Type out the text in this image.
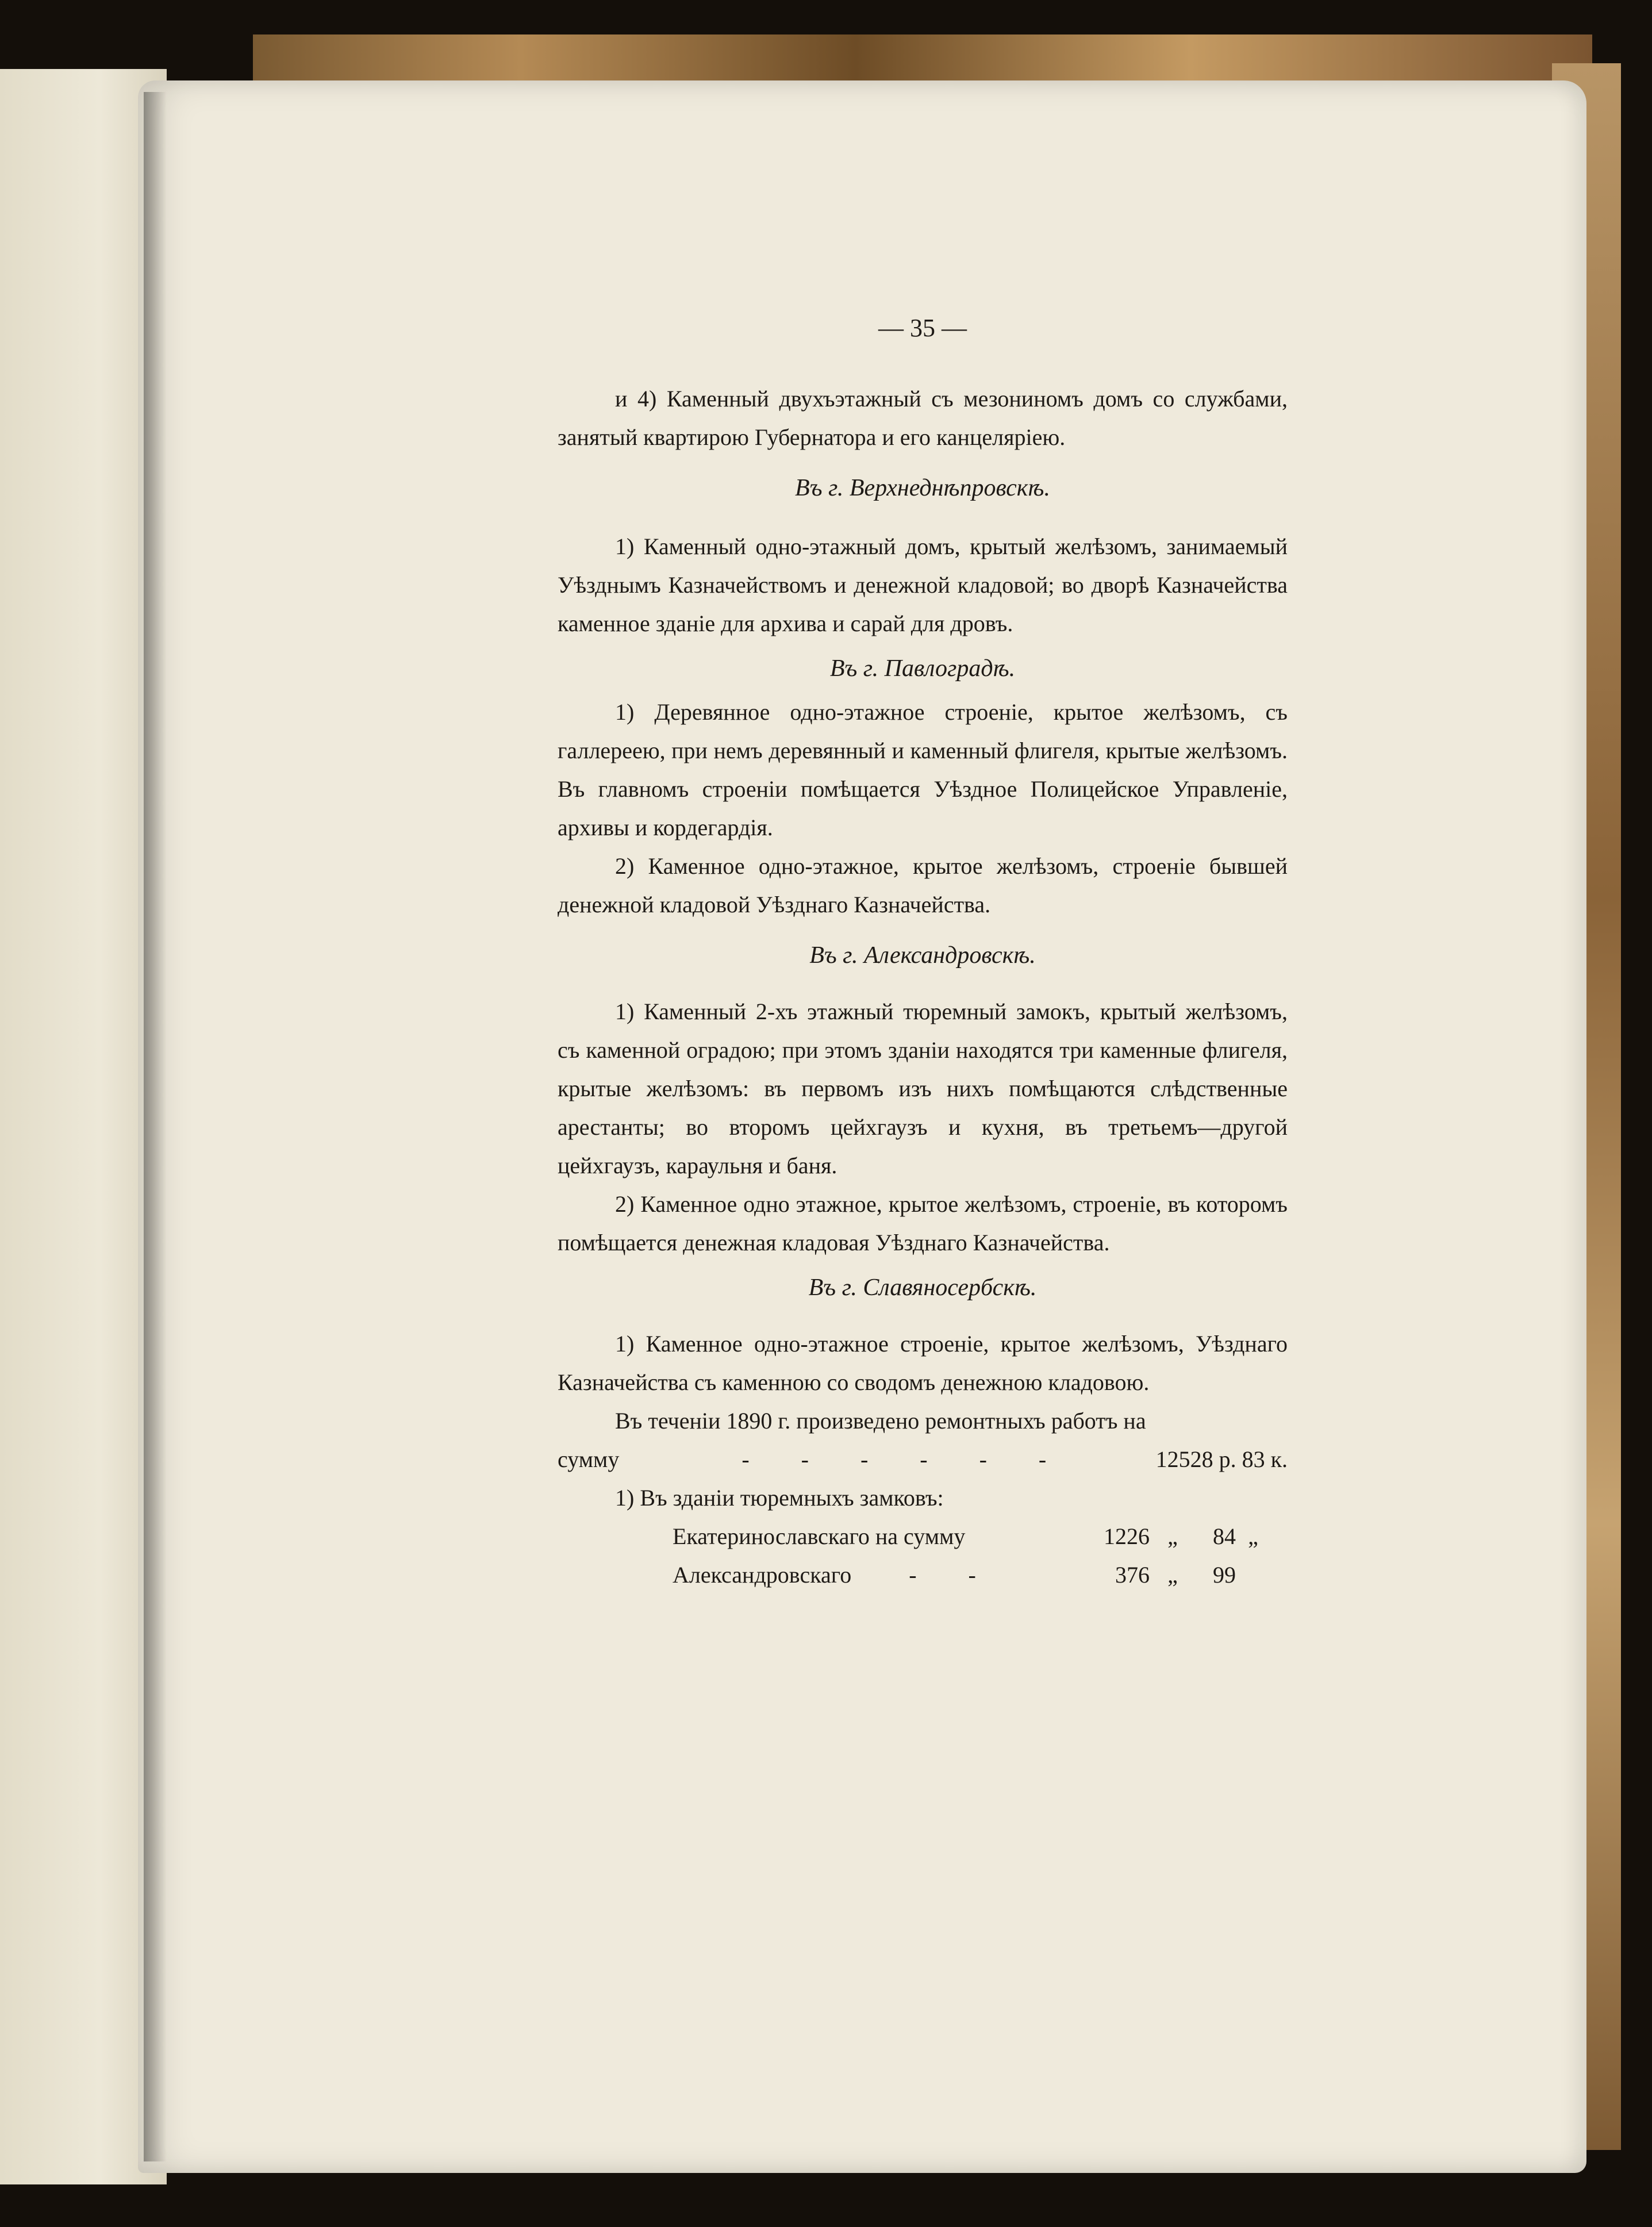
— 35 —

и 4) Каменный двухъэтажный съ мезониномъ домъ со службами, занятый квартирою Губернатора и его канцеляріею.

Въ г. Верхнеднѣпровскѣ.

1) Каменный одно-этажный домъ, крытый желѣзомъ, занимаемый Уѣзднымъ Казначействомъ и денежной кладовой; во дворѣ Казначейства каменное зданіе для архива и сарай для дровъ.

Въ г. Павлоградѣ.

1) Деревянное одно-этажное строеніе, крытое желѣзомъ, съ галлереею, при немъ деревянный и каменный флигеля, крытые желѣзомъ. Въ главномъ строеніи помѣщается Уѣздное Полицейское Управленіе, архивы и кордегардія.

2) Каменное одно-этажное, крытое желѣзомъ, строеніе бывшей денежной кладовой Уѣзднаго Казначейства.

Въ г. Александровскѣ.

1) Каменный 2-хъ этажный тюремный замокъ, крытый желѣзомъ, съ каменной оградою; при этомъ зданіи находятся три каменные флигеля, крытые желѣзомъ: въ первомъ изъ нихъ помѣщаются слѣдственные арестанты; во второмъ цейхгаузъ и кухня, въ третьемъ—другой цейхгаузъ, караульня и баня.

2) Каменное одно этажное, крытое желѣзомъ, строеніе, въ которомъ помѣщается денежная кладовая Уѣзднаго Казначейства.

Въ г. Славяносербскѣ.

1) Каменное одно-этажное строеніе, крытое желѣзомъ, Уѣзднаго Казначейства съ каменною со сводомъ денежною кладовою.

Въ теченіи 1890 г. произведено ремонтныхъ работъ на

сумму	-         -         -         -         -         -	12528 р. 83 к.

1) Въ зданіи тюремныхъ замковъ:

Екатеринославскаго на сумму	1226 „	84 „
Александровскаго          -         -	376 „	99
